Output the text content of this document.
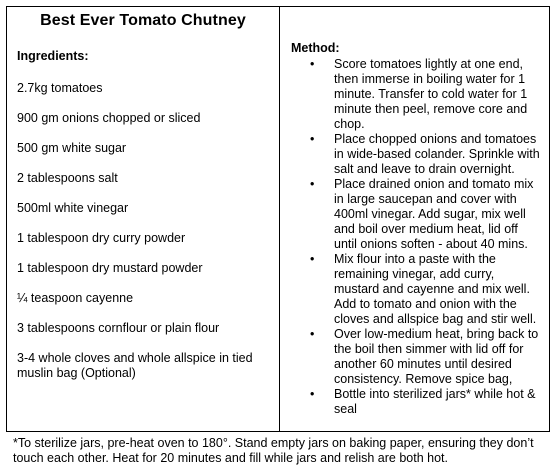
Best Ever Tomato Chutney
Ingredients:
2.7kg tomatoes
900 gm onions chopped or sliced
500 gm white sugar
2 tablespoons salt
500ml white vinegar
1 tablespoon dry curry powder
1 tablespoon dry mustard powder
¼ teaspoon cayenne
3 tablespoons cornflour or plain flour
3-4 whole cloves and whole allspice in tied muslin bag (Optional)
Method:
• Score tomatoes lightly at one end, then immerse in boiling water for 1 minute. Transfer to cold water for 1 minute then peel, remove core and chop.
• Place chopped onions and tomatoes in wide-based colander. Sprinkle with salt and leave to drain overnight.
• Place drained onion and tomato mix in large saucepan and cover with 400ml vinegar. Add sugar, mix well and boil over medium heat, lid off until onions soften - about 40 mins.
• Mix flour into a paste with the remaining vinegar, add curry, mustard and cayenne and mix well. Add to tomato and onion with the cloves and allspice bag and stir well.
• Over low-medium heat, bring back to the boil then simmer with lid off for another 60 minutes until desired consistency. Remove spice bag,
• Bottle into sterilized jars* while hot & seal
*To sterilize jars, pre-heat oven to 180°. Stand empty jars on baking paper, ensuring they don’t touch each other. Heat for 20 minutes and fill while jars and relish are both hot.
